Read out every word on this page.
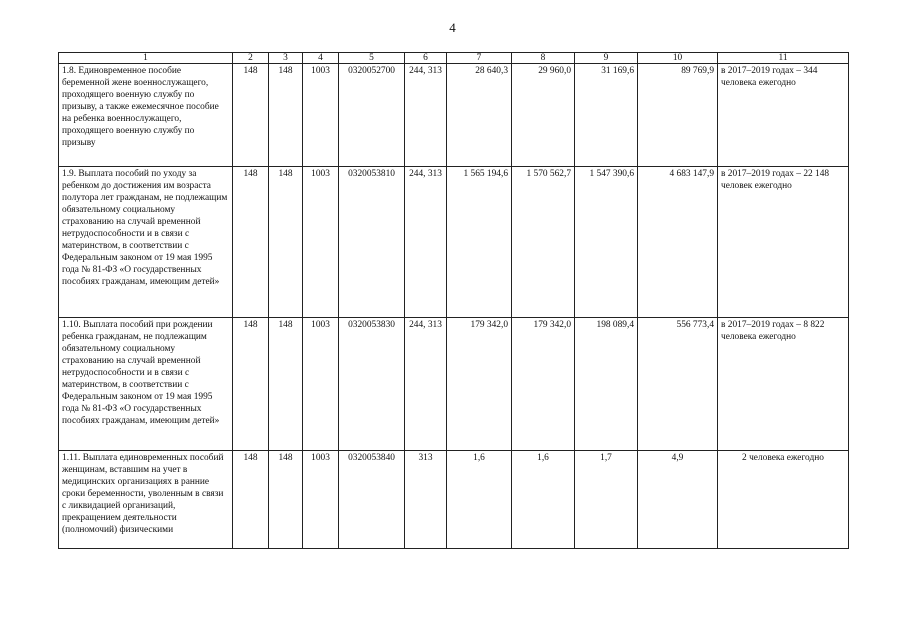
4
1	2	3	4	5	6	7	8	9	10	11
1.8. Единовременное пособие беременной жене военнослужащего, проходящего военную службу по призыву, а также ежемесячное пособие на ребенка военнослужащего, проходящего военную службу по призыву	148	148	1003	0320052700	244, 313	28 640,3	29 960,0	31 169,6	89 769,9	в 2017–2019 годах – 344 человека ежегодно
1.9. Выплата пособий по уходу за ребенком до достижения им возраста полутора лет гражданам, не подлежащим обязательному социальному страхованию на случай временной нетрудоспособности и в связи с материнством, в соответствии с Федеральным законом от 19 мая 1995 года № 81-ФЗ «О государственных пособиях гражданам, имеющим детей»	148	148	1003	0320053810	244, 313	1 565 194,6	1 570 562,7	1 547 390,6	4 683 147,9	в 2017–2019 годах – 22 148 человек ежегодно
1.10. Выплата пособий при рождении ребенка гражданам, не подлежащим обязательному социальному страхованию на случай временной нетрудоспособности и в связи с материнством, в соответствии с Федеральным законом от 19 мая 1995 года № 81-ФЗ «О государственных пособиях гражданам, имеющим детей»	148	148	1003	0320053830	244, 313	179 342,0	179 342,0	198 089,4	556 773,4	в 2017–2019 годах – 8 822 человека ежегодно
1.11. Выплата единовременных пособий женщинам, вставшим на учет в медицинских организациях в ранние сроки беременности, уволенным в связи с ликвидацией организаций, прекращением деятельности (полномочий) физическими	148	148	1003	0320053840	313	1,6	1,6	1,7	4,9	2 человека ежегодно
